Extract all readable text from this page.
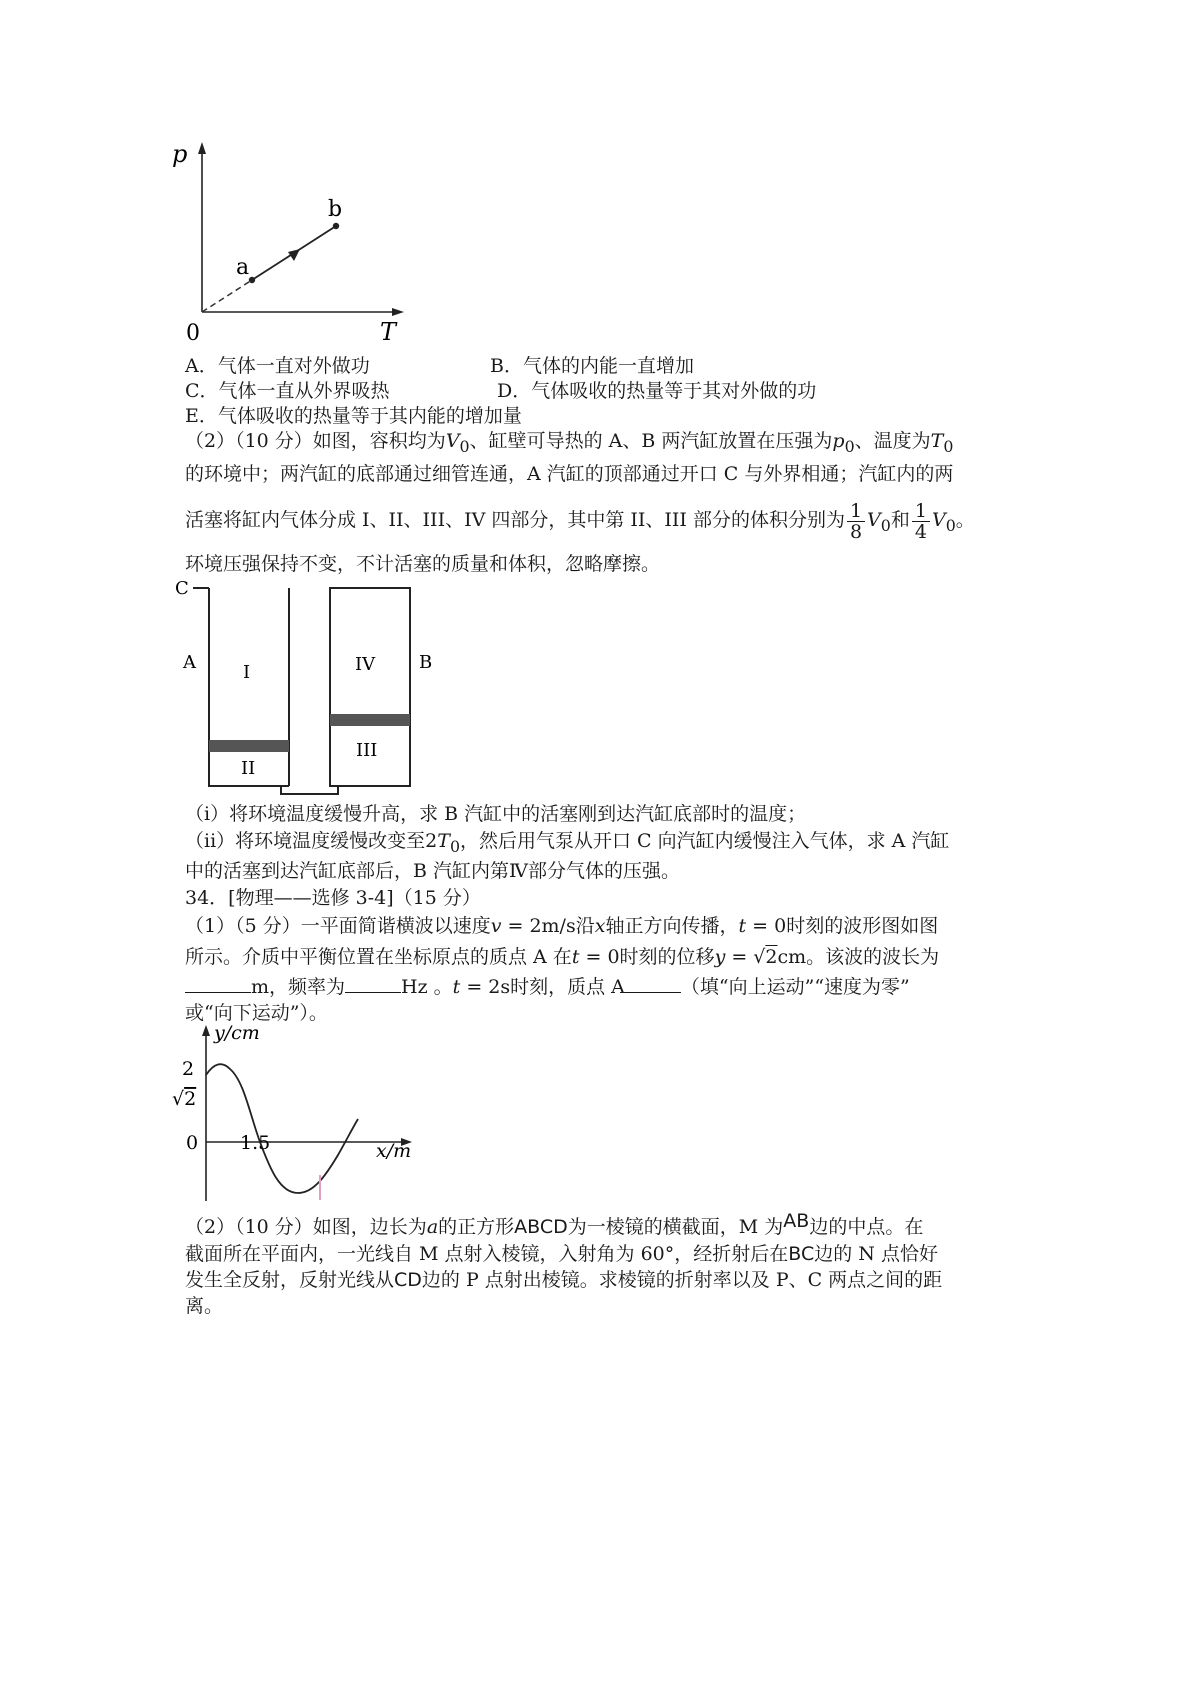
p
T
0
a
b
A．气体一直对外做功	B．气体的内能一直增加
C．气体一直从外界吸热	D．气体吸收的热量等于其对外做的功
E．气体吸收的热量等于其内能的增加量
（2）（10 分）如图，容积均为$V_0$、缸壁可导热的 A、B 两汽缸放置在压强为$p_0$、温度为$T_0$
的环境中；两汽缸的底部通过细管连通，A 汽缸的顶部通过开口 C 与外界相通；汽缸内的两
活塞将缸内气体分成 I、II、III、IV 四部分，其中第 II、III 部分的体积分别为 $\frac{1}{8} V_0$和 $\frac{1}{4} V_0$。
环境压强保持不变，不计活塞的质量和体积，忽略摩擦。
C
A	B
I
II
III
IV
（i）将环境温度缓慢升高，求 B 汽缸中的活塞刚到达汽缸底部时的温度；
（ii）将环境温度缓慢改变至$2T_0$，然后用气泵从开口 C 向汽缸内缓慢注入气体，求 A 汽缸
中的活塞到达汽缸底部后，B 汽缸内第Ⅳ部分气体的压强。
34．[物理——选修 3-4]（15 分）
（1）（5 分）一平面简谐横波以速度v = 2m/s沿x轴正方向传播，t = 0时刻的波形图如图
所示。介质中平衡位置在坐标原点的质点 A 在t = 0时刻的位移y = √2cm。该波的波长为
m，频率为	Hz 。t = 2s时刻，质点 A	（填“向上运动”“速度为零”
或“向下运动”）。
y/cm
x/m
2
√2
0 1.5
（2）（10 分）如图，边长为a的正方形ABCD为一棱镜的横截面，M 为AB边的中点。在
截面所在平面内，一光线自 M 点射入棱镜，入射角为 60°，经折射后在BC边的 N 点恰好
发生全反射，反射光线从CD边的 P 点射出棱镜。求棱镜的折射率以及 P、C 两点之间的距
离。
